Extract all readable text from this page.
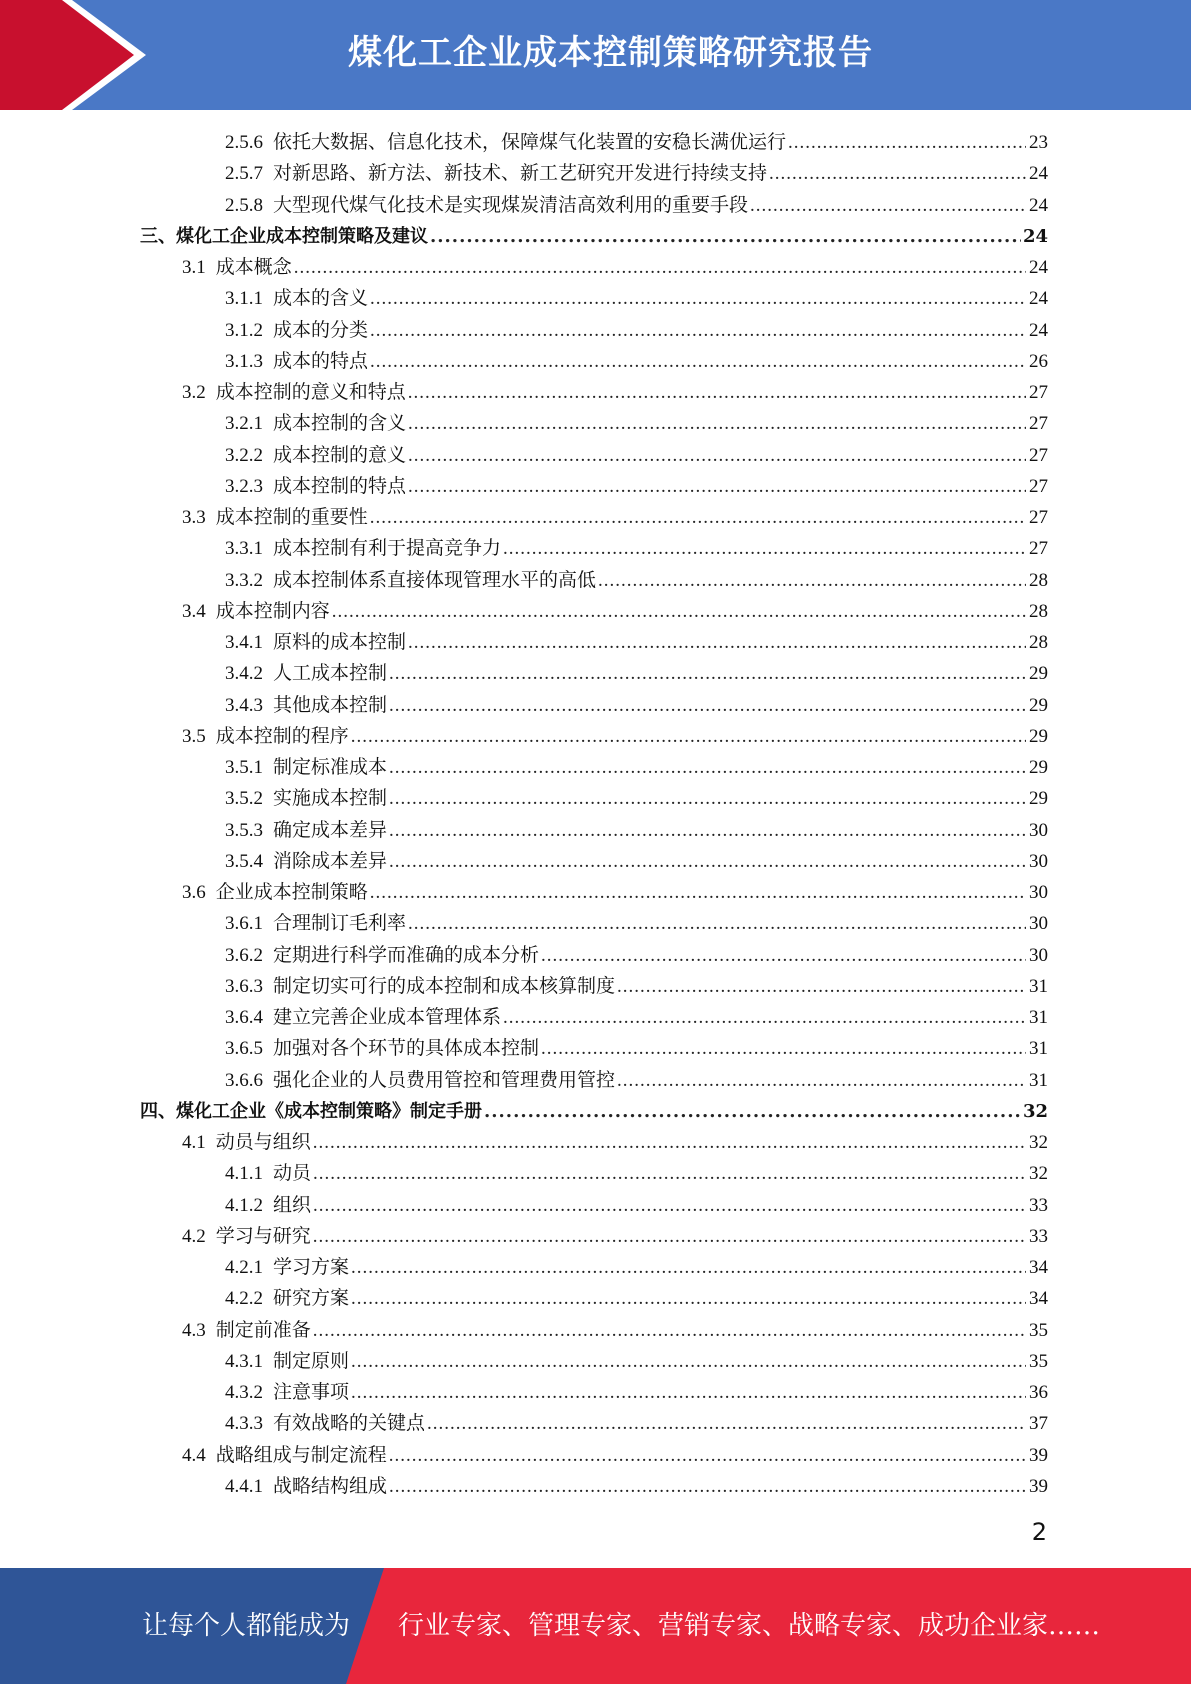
煤化工企业成本控制策略研究报告
2.5.6 依托大数据、信息化技术，保障煤气化装置的安稳长满优运行 .....	23
2.5.7 对新思路、新方法、新技术、新工艺研究开发进行持续支持 .....	24
2.5.8 大型现代煤气化技术是实现煤炭清洁高效利用的重要手段 .....	24
三、煤化工企业成本控制策略及建议 .....	24
3.1 成本概念 .....	24
3.1.1 成本的含义 .....	24
3.1.2 成本的分类 .....	24
3.1.3 成本的特点 .....	26
3.2 成本控制的意义和特点 .....	27
3.2.1 成本控制的含义 .....	27
3.2.2 成本控制的意义 .....	27
3.2.3 成本控制的特点 .....	27
3.3 成本控制的重要性 .....	27
3.3.1 成本控制有利于提高竞争力 .....	27
3.3.2 成本控制体系直接体现管理水平的高低 .....	28
3.4 成本控制内容 .....	28
3.4.1 原料的成本控制 .....	28
3.4.2 人工成本控制 .....	29
3.4.3 其他成本控制 .....	29
3.5 成本控制的程序 .....	29
3.5.1 制定标准成本 .....	29
3.5.2 实施成本控制 .....	29
3.5.3 确定成本差异 .....	30
3.5.4 消除成本差异 .....	30
3.6 企业成本控制策略 .....	30
3.6.1 合理制订毛利率 .....	30
3.6.2 定期进行科学而准确的成本分析 .....	30
3.6.3 制定切实可行的成本控制和成本核算制度 .....	31
3.6.4 建立完善企业成本管理体系 .....	31
3.6.5 加强对各个环节的具体成本控制 .....	31
3.6.6 强化企业的人员费用管控和管理费用管控 .....	31
四、煤化工企业《成本控制策略》制定手册 .....	32
4.1 动员与组织 .....	32
4.1.1 动员 .....	32
4.1.2 组织 .....	33
4.2 学习与研究 .....	33
4.2.1 学习方案 .....	34
4.2.2 研究方案 .....	34
4.3 制定前准备 .....	35
4.3.1 制定原则 .....	35
4.3.2 注意事项 .....	36
4.3.3 有效战略的关键点 .....	37
4.4 战略组成与制定流程 .....	39
4.4.1 战略结构组成 .....	39
2
让每个人都能成为 行业专家、管理专家、营销专家、战略专家、成功企业家……
